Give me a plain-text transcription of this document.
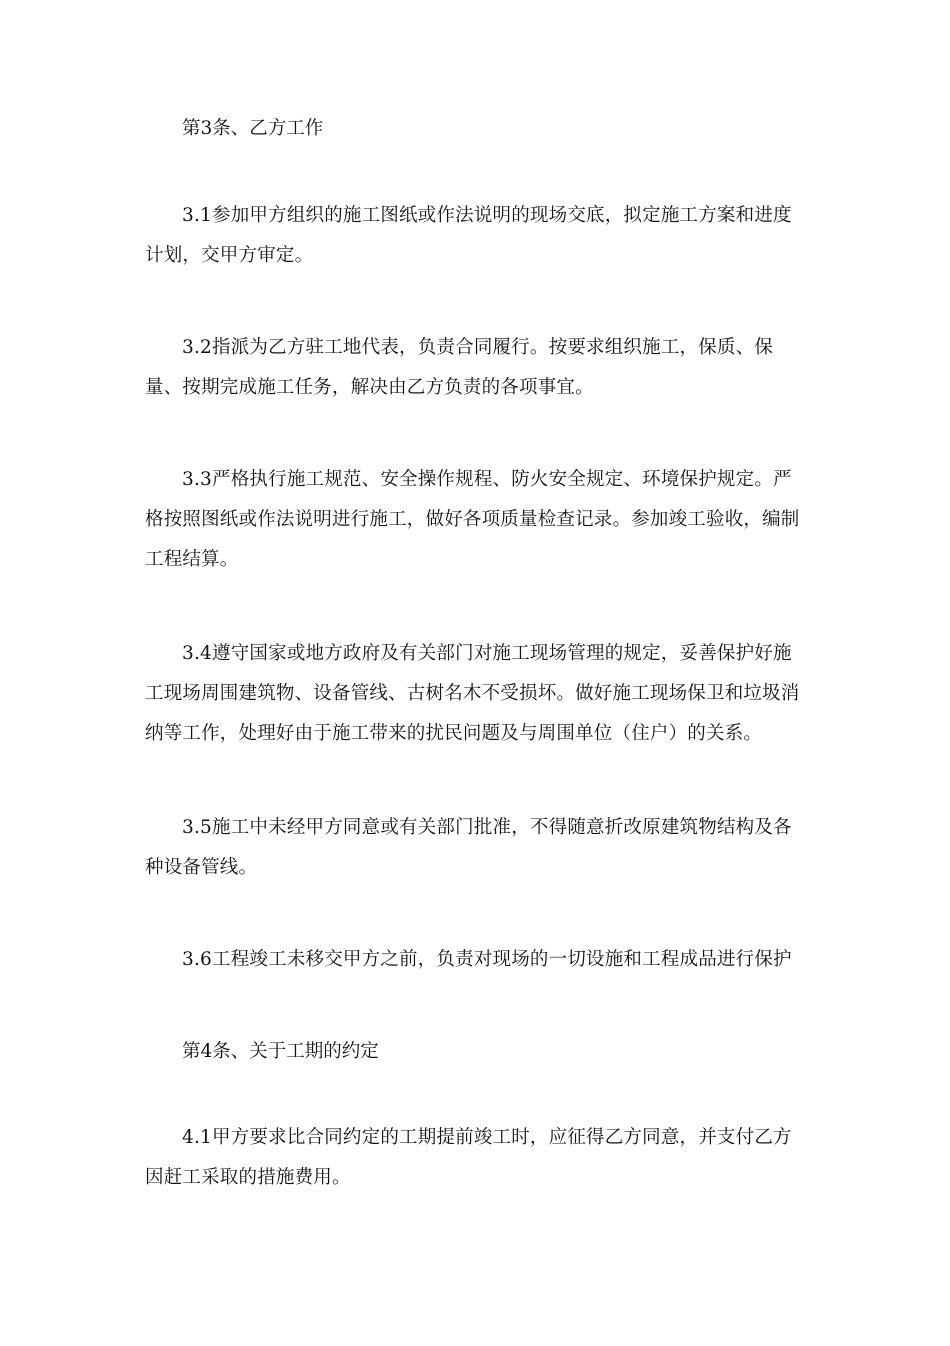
第3条、乙方工作

3.1参加甲方组织的施工图纸或作法说明的现场交底，拟定施工方案和进度计划，交甲方审定。

3.2指派为乙方驻工地代表，负责合同履行。按要求组织施工，保质、保量、按期完成施工任务，解决由乙方负责的各项事宜。

3.3严格执行施工规范、安全操作规程、防火安全规定、环境保护规定。严格按照图纸或作法说明进行施工，做好各项质量检查记录。参加竣工验收，编制工程结算。

3.4遵守国家或地方政府及有关部门对施工现场管理的规定，妥善保护好施工现场周围建筑物、设备管线、古树名木不受损坏。做好施工现场保卫和垃圾消纳等工作，处理好由于施工带来的扰民问题及与周围单位（住户）的关系。

3.5施工中未经甲方同意或有关部门批准，不得随意折改原建筑物结构及各种设备管线。

3.6工程竣工未移交甲方之前，负责对现场的一切设施和工程成品进行保护

第4条、关于工期的约定

4.1甲方要求比合同约定的工期提前竣工时，应征得乙方同意，并支付乙方因赶工采取的措施费用。
